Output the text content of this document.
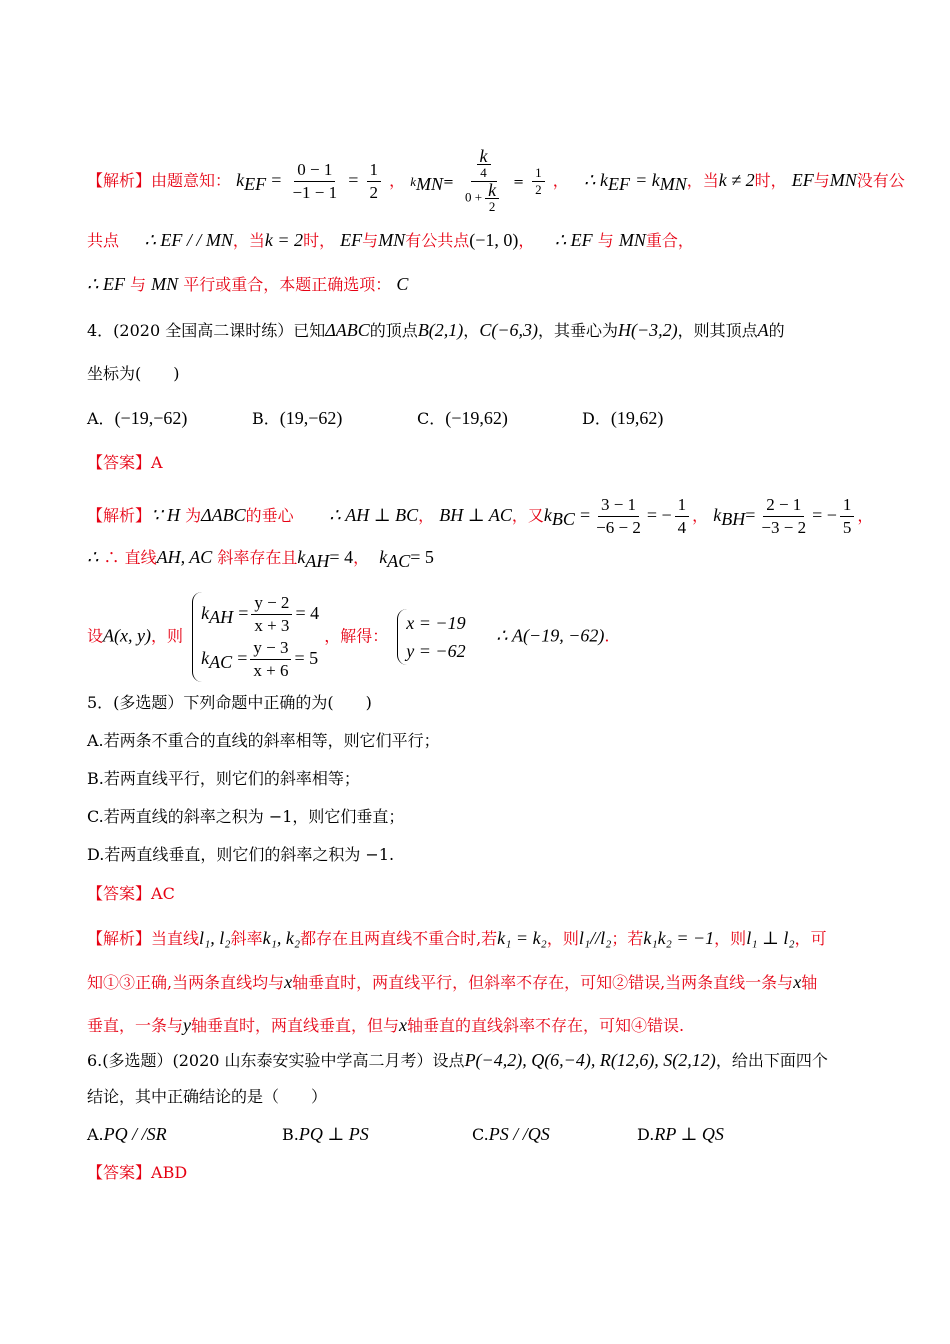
【解析】由题意知： $k_{EF} = \frac{0 - 1}{-1 - 1} = \frac{1}{2}$ ， $k_{MN}= \frac{\frac{k}{4}}{0 + \frac{k}{2}} = \frac{1}{2}$ ， ∴ $k_{EF} = k_{MN}$，当k ≠ 2时， EF与MN没有公
共点 ∴ EF / / MN，当k = 2时， EF与MN有公共点(−1, 0)， ∴ EF 与 MN重合，
∴ EF 与 MN 平行或重合，本题正确选项： C
4．(2020 全国高二课时练）已知ΔABC的顶点B(2,1)，C(−6,3)，其垂心为H(−3,2)，则其顶点A的
坐标为(　　)
A．(−19,−62)	B．(19,−62)	C．(−19,62)	D．(19,62)
【答案】A
【解析】∵ H 为ΔABC的垂心 ∴ AH ⊥ BC， BH ⊥ AC，又$k_{BC} = \frac{3 - 1}{-6 - 2}$ = − $\frac{1}{4}$ ， $k_{BH}= \frac{2 - 1}{-3 - 2}$ = − $\frac{1}{5}$ ，
∴ ∴ 直线AH, AC 斜率存在且$k_{AH}= 4$，  $k_{AC}= 5$
设A(x, y)，则
$k_{AH} = \frac{y - 2}{x + 3} = 4$
$k_{AC} = \frac{y - 3}{x + 6} = 5$
，解得：
x = −19
y = −62
∴ A(−19, −62).
5．(多选题）下列命题中正确的为(　　)
A.若两条不重合的直线的斜率相等，则它们平行；
B.若两直线平行，则它们的斜率相等；
C.若两直线的斜率之积为 −1，则它们垂直；
D.若两直线垂直，则它们的斜率之积为 −1.
【答案】AC
【解析】当直线l₁, l₂斜率k₁, k₂都存在且两直线不重合时,若k₁ = k₂，则l₁//l₂；若k₁k₂ = −1，则l₁ ⊥ l₂，可
知①③正确,当两条直线均与x轴垂直时，两直线平行，但斜率不存在，可知②错误,当两条直线一条与x轴
垂直，一条与y轴垂直时，两直线垂直，但与x轴垂直的直线斜率不存在，可知④错误.
6.(多选题）(2020 山东泰安实验中学高二月考）设点P(−4,2), Q(6,−4), R(12,6), S(2,12)，给出下面四个
结论，其中正确结论的是（　　）
A.PQ / /SR	B.PQ ⊥ PS	C.PS / /QS	D.RP ⊥ QS
【答案】ABD
